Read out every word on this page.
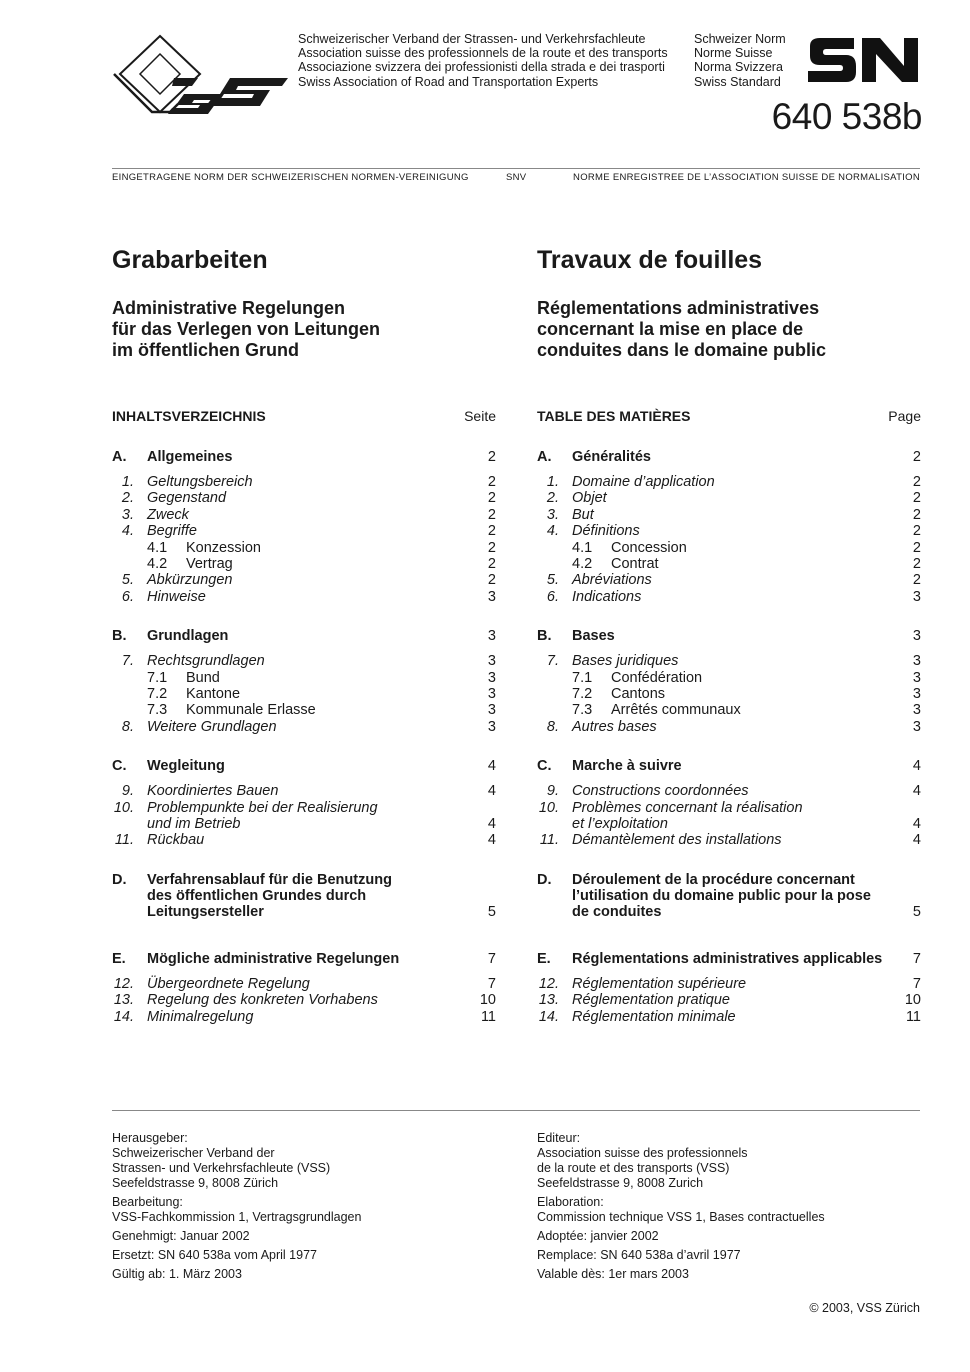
Schweizerischer Verband der Strassen- und Verkehrsfachleute
Association suisse des professionnels de la route et des transports
Associazione svizzera dei professionisti della strada e dei trasporti
Swiss Association of Road and Transportation Experts
Schweizer Norm
Norme Suisse
Norma Svizzera
Swiss Standard
640 538b
EINGETRAGENE NORM DER SCHWEIZERISCHEN NORMEN-VEREINIGUNG	SNV	NORME ENREGISTREE DE L’ASSOCIATION SUISSE DE NORMALISATION
Grabarbeiten	Travaux de fouilles
Administrative Regelungen
für das Verlegen von Leitungen
im öffentlichen Grund
Réglementations administratives
concernant la mise en place de
conduites dans le domaine public
INHALTSVERZEICHNIS	Seite	TABLE DES MATIÈRES	Page
A.	Allgemeines	2
1. Geltungsbereich	2
2. Gegenstand	2
3. Zweck	2
4. Begriffe	2
4.1	Konzession	2
4.2	Vertrag	2
5. Abkürzungen	2
6. Hinweise	3
B.	Grundlagen	3
7. Rechtsgrundlagen	3
7.1	Bund	3
7.2	Kantone	3
7.3	Kommunale Erlasse	3
8. Weitere Grundlagen	3
C.	Wegleitung	4
9. Koordiniertes Bauen	4
10. Problempunkte bei der Realisierung
und im Betrieb	4
11. Rückbau	4
D.	Verfahrensablauf für die Benutzung
des öffentlichen Grundes durch
Leitungsersteller	5
E.	Mögliche administrative Regelungen	7
12. Übergeordnete Regelung	7
13. Regelung des konkreten Vorhabens	10
14. Minimalregelung	11
A.	Généralités	2
1. Domaine d’application	2
2. Objet	2
3. But	2
4. Définitions	2
4.1	Concession	2
4.2	Contrat	2
5. Abréviations	2
6. Indications	3
B.	Bases	3
7. Bases juridiques	3
7.1	Confédération	3
7.2	Cantons	3
7.3	Arrêtés communaux	3
8. Autres bases	3
C.	Marche à suivre	4
9. Constructions coordonnées	4
10. Problèmes concernant la réalisation
et l’exploitation	4
11. Démantèlement des installations	4
D.	Déroulement de la procédure concernant
l’utilisation du domaine public pour la pose
de conduites	5
E.	Réglementations administratives applicables 7
12. Réglementation supérieure	7
13. Réglementation pratique	10
14. Réglementation minimale	11
Herausgeber:
Schweizerischer Verband der
Strassen- und Verkehrsfachleute (VSS)
Seefeldstrasse 9, 8008 Zürich
Bearbeitung:
VSS-Fachkommission 1, Vertragsgrundlagen
Genehmigt: Januar 2002
Ersetzt: SN 640 538a vom April 1977
Gültig ab: 1. März 2003
Editeur:
Association suisse des professionnels
de la route et des transports (VSS)
Seefeldstrasse 9, 8008 Zurich
Elaboration:
Commission technique VSS 1, Bases contractuelles
Adoptée: janvier 2002
Remplace: SN 640 538a d’avril 1977
Valable dès: 1er mars 2003
© 2003, VSS Zürich
